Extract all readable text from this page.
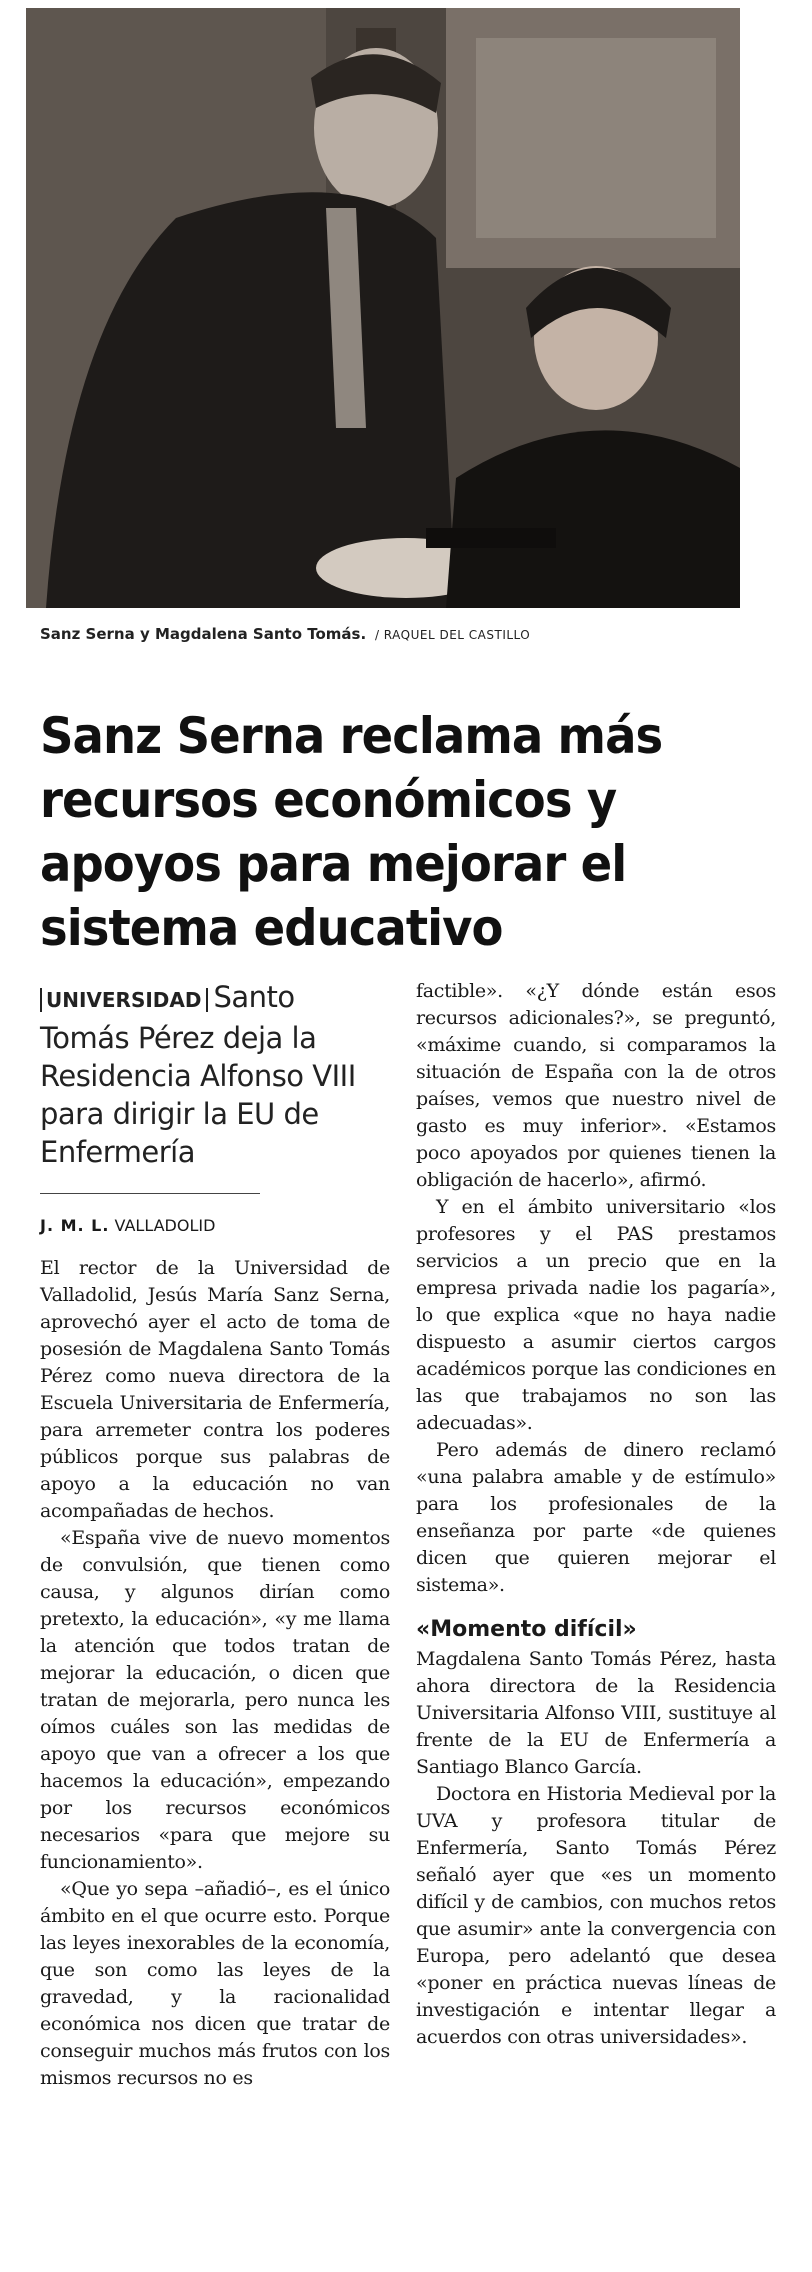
Sanz Serna y Magdalena Santo Tomás. / RAQUEL DEL CASTILLO
Sanz Serna reclama más recursos económicos y apoyos para mejorar el sistema educativo
UNIVERSIDAD Santo Tomás Pérez deja la Residencia Alfonso VIII para dirigir la EU de Enfermería
J. M. L. VALLADOLID

El rector de la Universidad de Valladolid, Jesús María Sanz Serna, aprovechó ayer el acto de toma de posesión de Magdalena Santo Tomás Pérez como nueva directora de la Escuela Universitaria de Enfermería, para arremeter contra los poderes públicos porque sus palabras de apoyo a la educación no van acompañadas de hechos.

«España vive de nuevo momentos de convulsión, que tienen como causa, y algunos dirían como pretexto, la educación», «y me llama la atención que todos tratan de mejorar la educación, o dicen que tratan de mejorarla, pero nunca les oímos cuáles son las medidas de apoyo que van a ofrecer a los que hacemos la educación», empezando por los recursos económicos necesarios «para que mejore su funcionamiento».

«Que yo sepa –añadió–, es el único ámbito en el que ocurre esto. Porque las leyes inexorables de la economía, que son como las leyes de la gravedad, y la racionalidad económica nos dicen que tratar de conseguir muchos más frutos con los mismos recursos no es

factible». «¿Y dónde están esos recursos adicionales?», se preguntó, «máxime cuando, si comparamos la situación de España con la de otros países, vemos que nuestro nivel de gasto es muy inferior». «Estamos poco apoyados por quienes tienen la obligación de hacerlo», afirmó.

Y en el ámbito universitario «los profesores y el PAS prestamos servicios a un precio que en la empresa privada nadie los pagaría», lo que explica «que no haya nadie dispuesto a asumir ciertos cargos académicos porque las condiciones en las que trabajamos no son las adecuadas».

Pero además de dinero reclamó «una palabra amable y de estímulo» para los profesionales de la enseñanza por parte «de quienes dicen que quieren mejorar el sistema».

«Momento difícil»

Magdalena Santo Tomás Pérez, hasta ahora directora de la Residencia Universitaria Alfonso VIII, sustituye al frente de la EU de Enfermería a Santiago Blanco García.

Doctora en Historia Medieval por la UVA y profesora titular de Enfermería, Santo Tomás Pérez señaló ayer que «es un momento difícil y de cambios, con muchos retos que asumir» ante la convergencia con Europa, pero adelantó que desea «poner en práctica nuevas líneas de investigación e intentar llegar a acuerdos con otras universidades».
